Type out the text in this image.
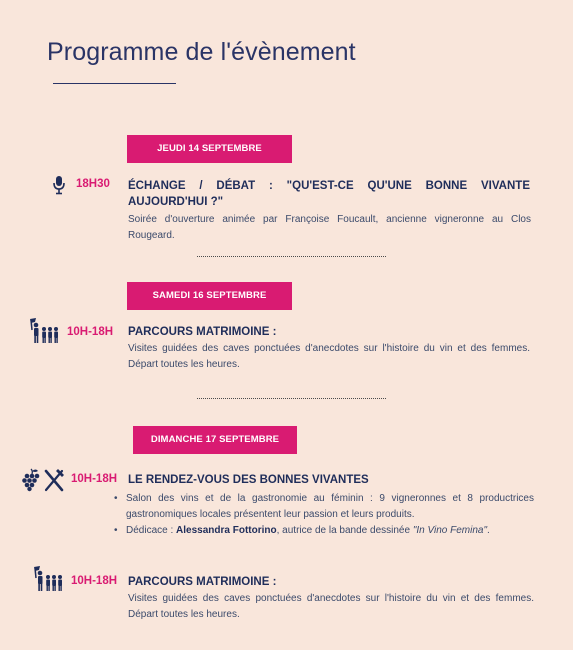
Programme de l'évènement
JEUDI 14 SEPTEMBRE
18H30 ÉCHANGE / DÉBAT : "QU'EST-CE QU'UNE BONNE VIVANTE AUJOURD'HUI ?"

Soirée d'ouverture animée par Françoise Foucault, ancienne vigneronne au Clos Rougeard.

SAMEDI 16 SEPTEMBRE
10H-18H PARCOURS MATRIMOINE :

Visites guidées des caves ponctuées d'anecdotes sur l'histoire du vin et des femmes. Départ toutes les heures.

DIMANCHE 17 SEPTEMBRE
10H-18H LE RENDEZ-VOUS DES BONNES VIVANTES

• Salon des vins et de la gastronomie au féminin : 9 vigneronnes et 8 productrices gastronomiques locales présentent leur passion et leurs produits.
• Dédicace : Alessandra Fottorino, autrice de la bande dessinée "In Vino Femina".
10H-18H PARCOURS MATRIMOINE :

Visites guidées des caves ponctuées d'anecdotes sur l'histoire du vin et des femmes. Départ toutes les heures.
